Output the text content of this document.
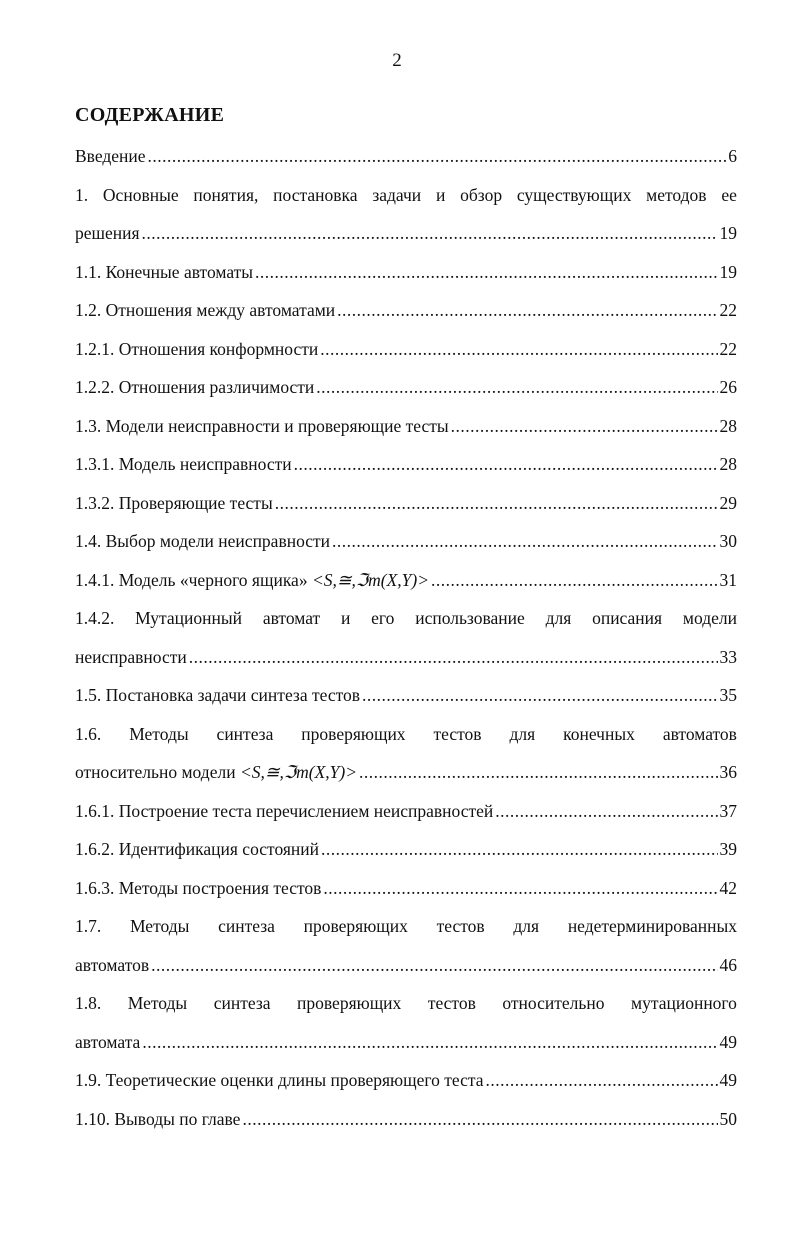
2
СОДЕРЖАНИЕ
Введение .....	6
1. Основные понятия, постановка задачи и обзор существующих методов ее
решения .....	19
1.1. Конечные автоматы .....	19
1.2. Отношения между автоматами .....	22
1.2.1. Отношения конформности .....	22
1.2.2. Отношения различимости .....	26
1.3. Модели неисправности и проверяющие тесты .....	28
1.3.1. Модель неисправности .....	28
1.3.2. Проверяющие тесты .....	29
1.4. Выбор модели неисправности .....	30
1.4.1. Модель «черного ящика» <S,≅,ℑm(X,Y)> .....	31
1.4.2. Мутационный автомат и его использование для описания модели
неисправности .....	33
1.5. Постановка задачи синтеза тестов .....	35
1.6. Методы синтеза проверяющих тестов для конечных автоматов
относительно модели <S,≅,ℑm(X,Y)> .....	36
1.6.1. Построение теста перечислением неисправностей .....	37
1.6.2. Идентификация состояний .....	39
1.6.3. Методы построения тестов .....	42
1.7. Методы синтеза проверяющих тестов для недетерминированных
автоматов .....	46
1.8. Методы синтеза проверяющих тестов относительно мутационного
автомата .....	49
1.9. Теоретические оценки длины проверяющего теста .....	49
1.10. Выводы по главе .....	50
